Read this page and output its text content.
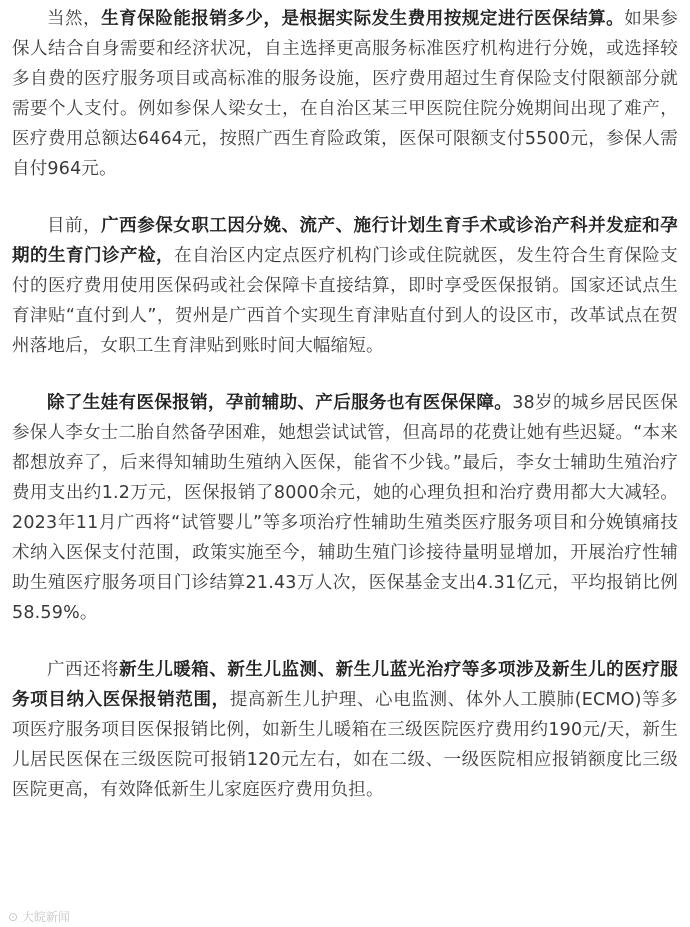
当然，生育保险能报销多少，是根据实际发生费用按规定进行医保结算。如果参保人结合自身需要和经济状况，自主选择更高服务标准医疗机构进行分娩，或选择较多自费的医疗服务项目或高标准的服务设施，医疗费用超过生育保险支付限额部分就需要个人支付。例如参保人梁女士，在自治区某三甲医院住院分娩期间出现了难产，医疗费用总额达6464元，按照广西生育险政策，医保可限额支付5500元，参保人需自付964元。

目前，广西参保女职工因分娩、流产、施行计划生育手术或诊治产科并发症和孕期的生育门诊产检，在自治区内定点医疗机构门诊或住院就医，发生符合生育保险支付的医疗费用使用医保码或社会保障卡直接结算，即时享受医保报销。国家还试点生育津贴“直付到人”，贺州是广西首个实现生育津贴直付到人的设区市，改革试点在贺州落地后，女职工生育津贴到账时间大幅缩短。

除了生娃有医保报销，孕前辅助、产后服务也有医保保障。38岁的城乡居民医保参保人李女士二胎自然备孕困难，她想尝试试管，但高昂的花费让她有些迟疑。“本来都想放弃了，后来得知辅助生殖纳入医保，能省不少钱。”最后，李女士辅助生殖治疗费用支出约1.2万元，医保报销了8000余元，她的心理负担和治疗费用都大大减轻。2023年11月广西将“试管婴儿”等多项治疗性辅助生殖类医疗服务项目和分娩镇痛技术纳入医保支付范围，政策实施至今，辅助生殖门诊接待量明显增加，开展治疗性辅助生殖医疗服务项目门诊结算21.43万人次，医保基金支出4.31亿元，平均报销比例58.59%。

广西还将新生儿暖箱、新生儿监测、新生儿蓝光治疗等多项涉及新生儿的医疗服务项目纳入医保报销范围，提高新生儿护理、心电监测、体外人工膜肺(ECMO)等多项医疗服务项目医保报销比例，如新生儿暖箱在三级医院医疗费用约190元/天，新生儿居民医保在三级医院可报销120元左右，如在二级、一级医院相应报销额度比三级医院更高，有效降低新生儿家庭医疗费用负担。

⊙ 大皖新闻
